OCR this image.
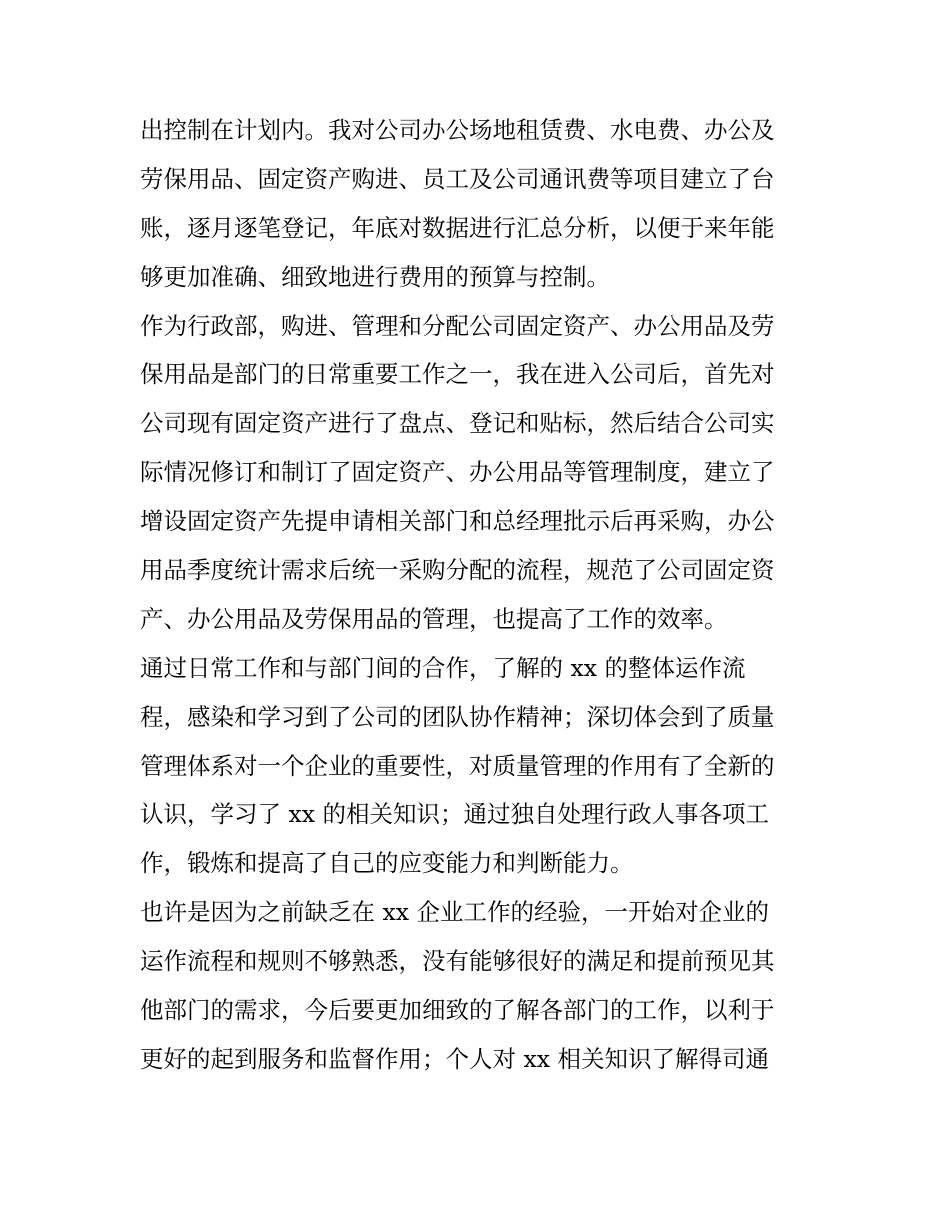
出控制在计划内。我对公司办公场地租赁费、水电费、办公及
劳保用品、固定资产购进、员工及公司通讯费等项目建立了台
账，逐月逐笔登记，年底对数据进行汇总分析，以便于来年能
够更加准确、细致地进行费用的预算与控制。
作为行政部，购进、管理和分配公司固定资产、办公用品及劳
保用品是部门的日常重要工作之一，我在进入公司后，首先对
公司现有固定资产进行了盘点、登记和贴标，然后结合公司实
际情况修订和制订了固定资产、办公用品等管理制度，建立了
增设固定资产先提申请相关部门和总经理批示后再采购，办公
用品季度统计需求后统一采购分配的流程，规范了公司固定资
产、办公用品及劳保用品的管理，也提高了工作的效率。
通过日常工作和与部门间的合作，了解的 xx 的整体运作流
程，感染和学习到了公司的团队协作精神；深切体会到了质量
管理体系对一个企业的重要性，对质量管理的作用有了全新的
认识，学习了 xx 的相关知识；通过独自处理行政人事各项工
作，锻炼和提高了自己的应变能力和判断能力。
也许是因为之前缺乏在 xx 企业工作的经验，一开始对企业的
运作流程和规则不够熟悉，没有能够很好的满足和提前预见其
他部门的需求，今后要更加细致的了解各部门的工作，以利于
更好的起到服务和监督作用；个人对 xx 相关知识了解得司通
